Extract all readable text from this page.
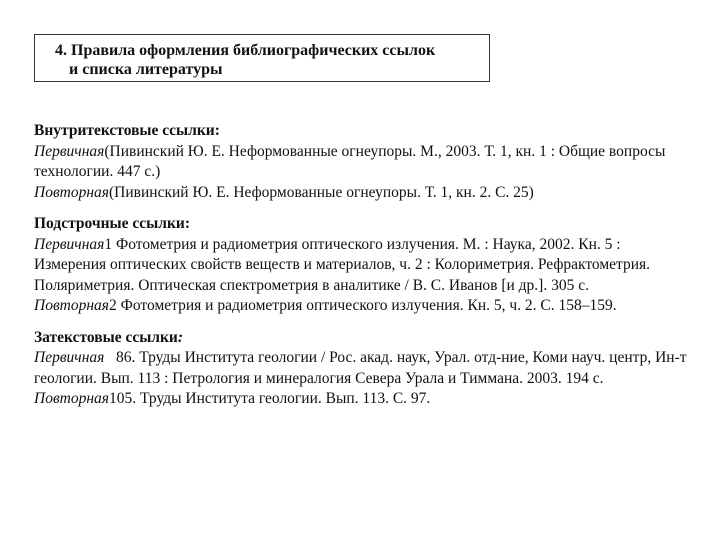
4. Правила оформления библиографических ссылок
и списка литературы
Внутритекстовые ссылки:
Первичная(Пивинский Ю. Е. Неформованные огнеупоры. М., 2003. Т. 1, кн. 1 : Общие вопросы технологии. 447 с.)
Повторная(Пивинский Ю. Е. Неформованные огнеупоры. Т. 1, кн. 2. С. 25)
Подстрочные ссылки:
Первичная1 Фотометрия и радиометрия оптического излучения. М. : Наука, 2002. Кн. 5 : Измерения оптических свойств веществ и материалов, ч. 2 : Колориметрия. Рефрактометрия. Поляриметрия. Оптическая спектрометрия в аналитике / В. С. Иванов [и др.]. 305 с.
Повторная2 Фотометрия и радиометрия оптического излучения. Кн. 5, ч. 2. С. 158–159.
Затекстовые ссылки:
Первичная   86. Труды Института геологии / Рос. акад. наук, Урал. отд-ние, Коми науч. центр, Ин-т геологии. Вып. 113 : Петрология и минералогия Севера Урала и Тиммана. 2003. 194 с.
Повторная105. Труды Института геологии. Вып. 113. С. 97.
